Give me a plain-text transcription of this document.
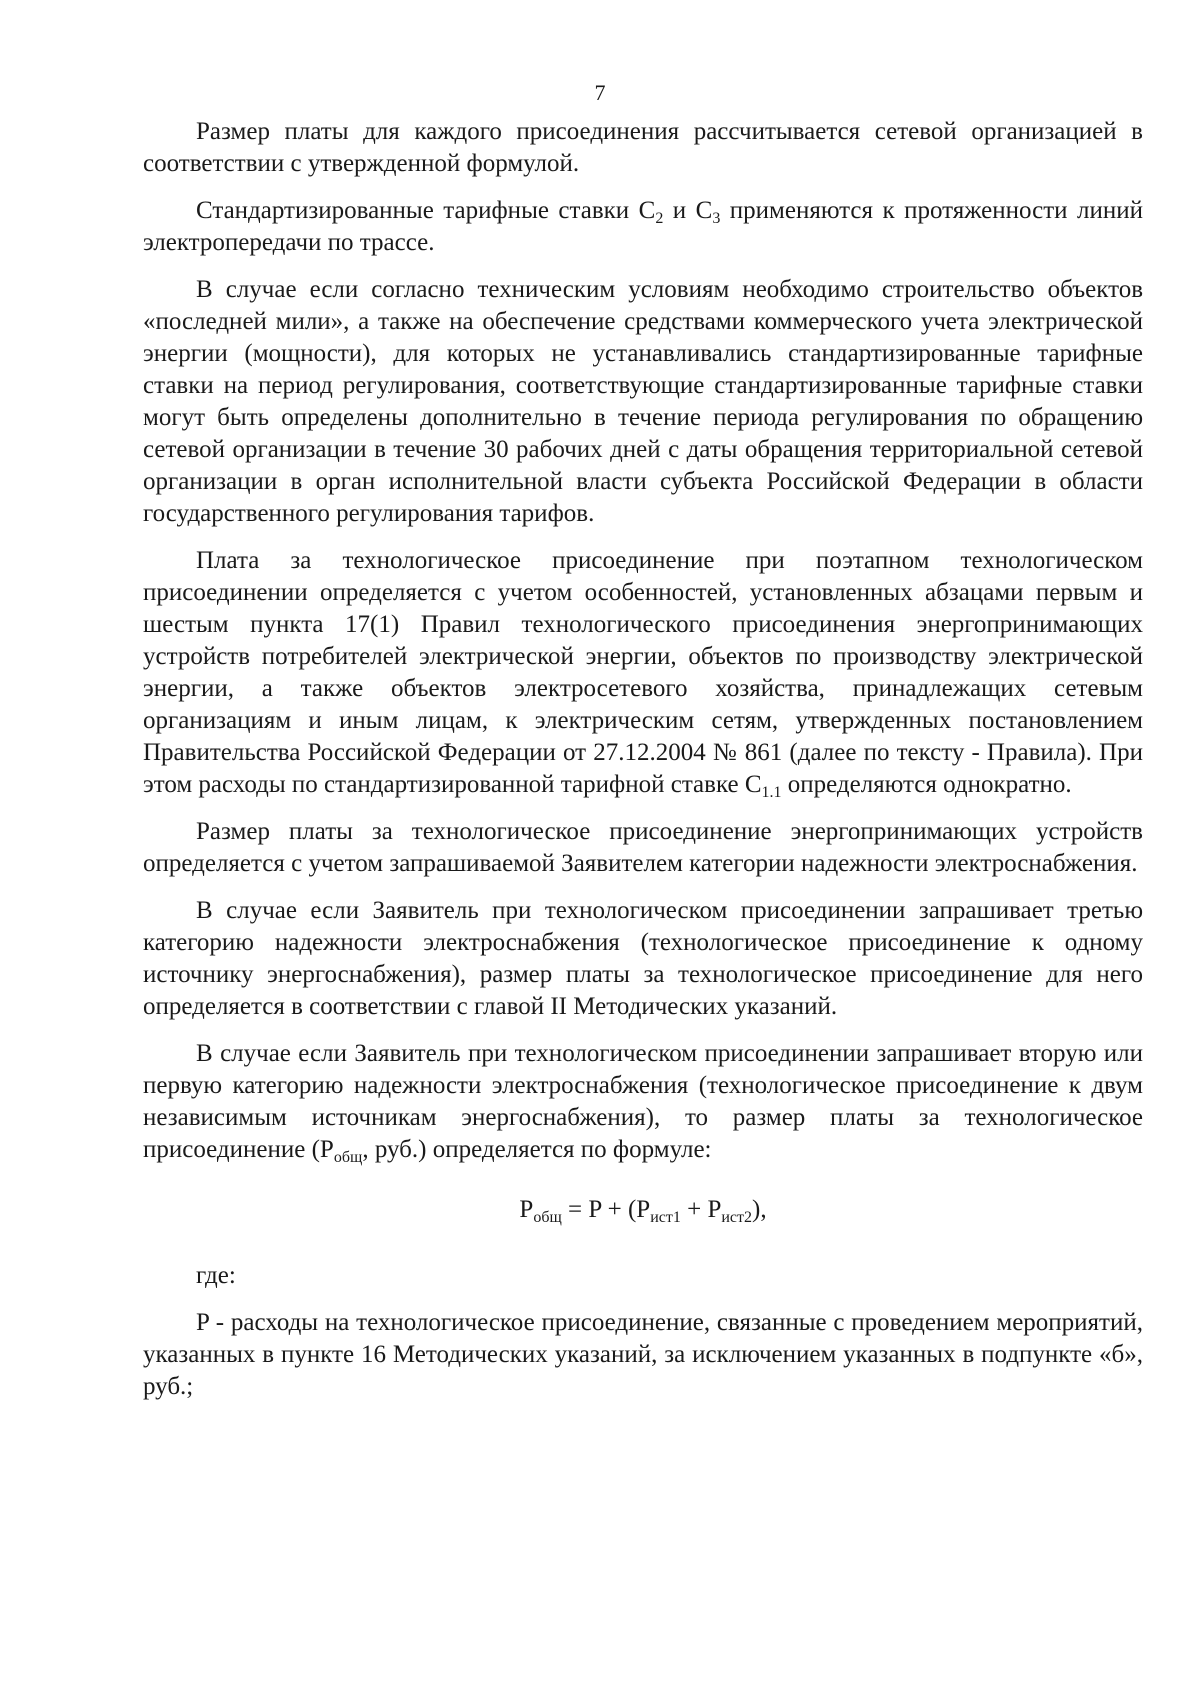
7

Размер платы для каждого присоединения рассчитывается сетевой организацией в соответствии с утвержденной формулой.

Стандартизированные тарифные ставки $C_2$ и $C_3$ применяются к протяженности линий электропередачи по трассе.

В случае если согласно техническим условиям необходимо строительство объектов «последней мили», а также на обеспечение средствами коммерческого учета электрической энергии (мощности), для которых не устанавливались стандартизированные тарифные ставки на период регулирования, соответствующие стандартизированные тарифные ставки могут быть определены дополнительно в течение периода регулирования по обращению сетевой организации в течение 30 рабочих дней с даты обращения территориальной сетевой организации в орган исполнительной власти субъекта Российской Федерации в области государственного регулирования тарифов.

Плата за технологическое присоединение при поэтапном технологическом присоединении определяется с учетом особенностей, установленных абзацами первым и шестым пункта 17(1) Правил технологического присоединения энергопринимающих устройств потребителей электрической энергии, объектов по производству электрической энергии, а также объектов электросетевого хозяйства, принадлежащих сетевым организациям и иным лицам, к электрическим сетям, утвержденных постановлением Правительства Российской Федерации от 27.12.2004 № 861 (далее по тексту - Правила). При этом расходы по стандартизированной тарифной ставке $C_{1.1}$ определяются однократно.

Размер платы за технологическое присоединение энергопринимающих устройств определяется с учетом запрашиваемой Заявителем категории надежности электроснабжения.

В случае если Заявитель при технологическом присоединении запрашивает третью категорию надежности электроснабжения (технологическое присоединение к одному источнику энергоснабжения), размер платы за технологическое присоединение для него определяется в соответствии с главой II Методических указаний.

В случае если Заявитель при технологическом присоединении запрашивает вторую или первую категорию надежности электроснабжения (технологическое присоединение к двум независимым источникам энергоснабжения), то размер платы за технологическое присоединение ($P_{общ}$, руб.) определяется по формуле:

$P_{общ} = P + (P_{ист1} + P_{ист2})$,

где:

P - расходы на технологическое присоединение, связанные с проведением мероприятий, указанных в пункте 16 Методических указаний, за исключением указанных в подпункте «б», руб.;
